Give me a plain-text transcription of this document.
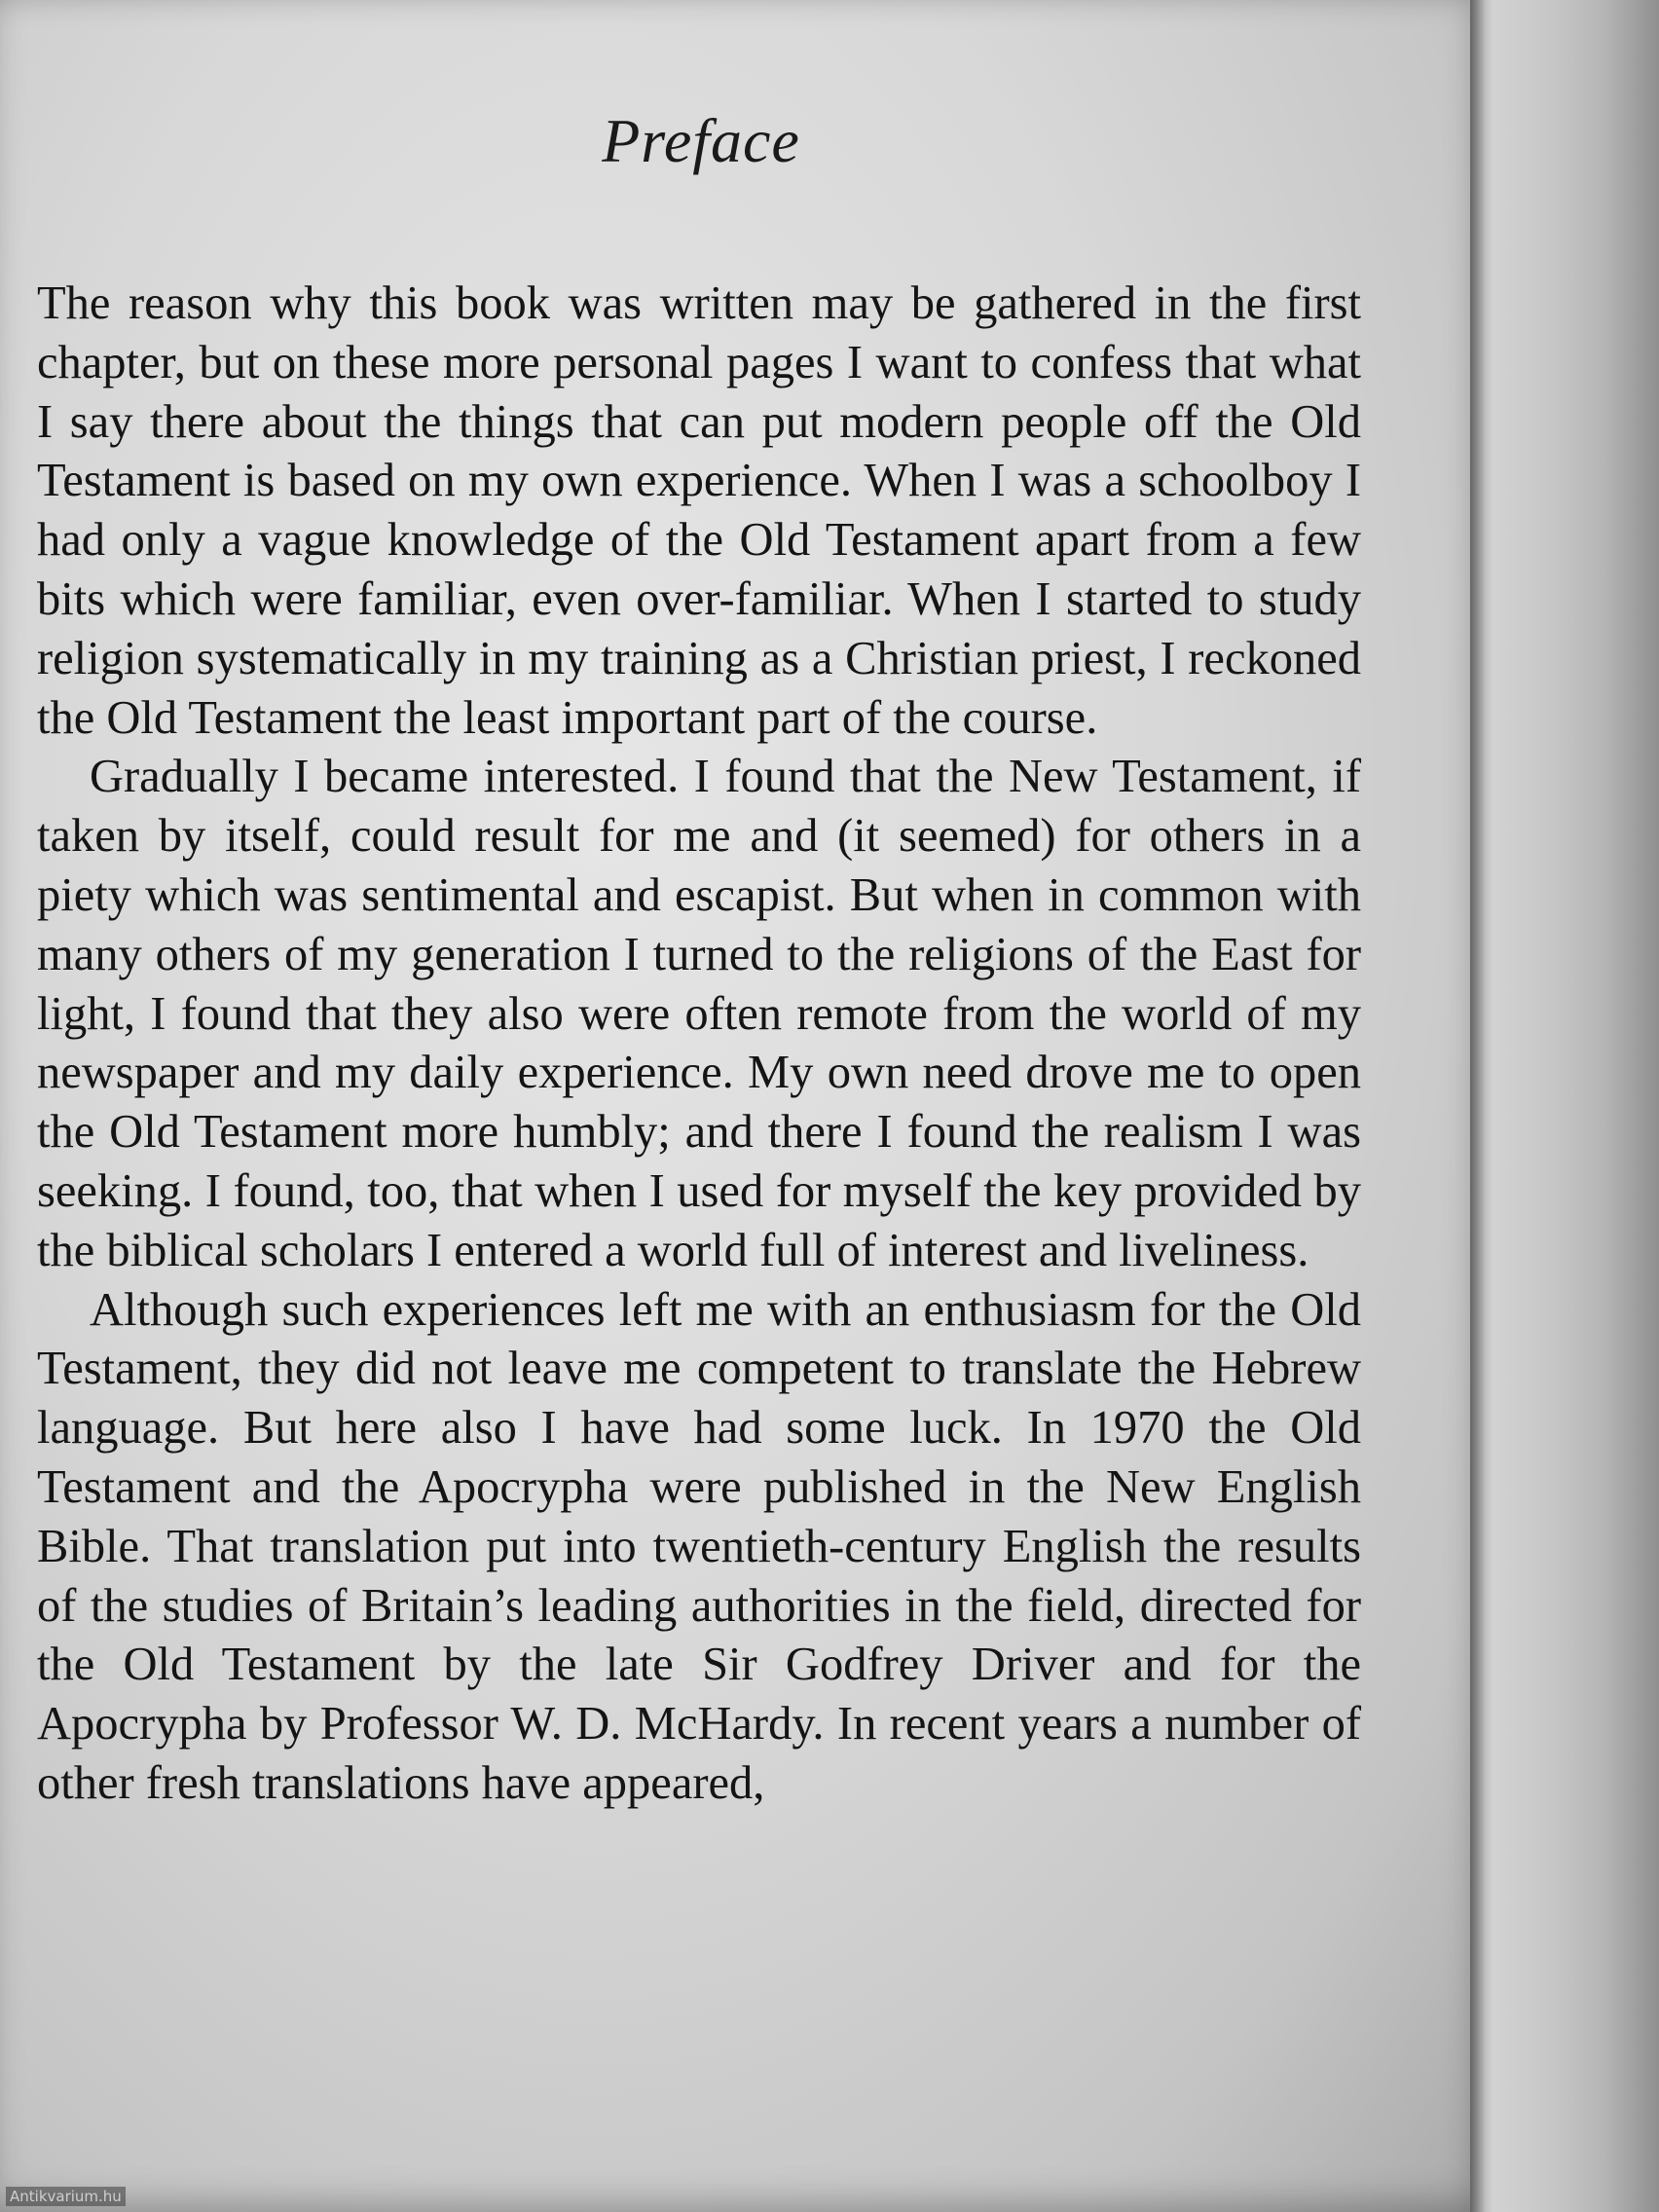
Preface

The reason why this book was written may be gathered in the first chapter, but on these more personal pages I want to confess that what I say there about the things that can put modern people off the Old Testament is based on my own experience. When I was a schoolboy I had only a vague knowledge of the Old Testament apart from a few bits which were familiar, even over-familiar. When I started to study religion systematically in my training as a Christian priest, I reckoned the Old Testament the least important part of the course.

Gradually I became interested. I found that the New Testament, if taken by itself, could result for me and (it seemed) for others in a piety which was sentimental and escapist. But when in common with many others of my generation I turned to the religions of the East for light, I found that they also were often remote from the world of my newspaper and my daily experience. My own need drove me to open the Old Testament more humbly; and there I found the realism I was seeking. I found, too, that when I used for myself the key provided by the biblical scholars I entered a world full of interest and liveliness.

Although such experiences left me with an enthusiasm for the Old Testament, they did not leave me competent to translate the Hebrew language. But here also I have had some luck. In 1970 the Old Testament and the Apocrypha were published in the New English Bible. That translation put into twentieth-century English the results of the studies of Britain’s leading authorities in the field, directed for the Old Testament by the late Sir Godfrey Driver and for the Apocrypha by Professor W. D. McHardy. In recent years a number of other fresh translations have appeared,

Antikvarium.hu
